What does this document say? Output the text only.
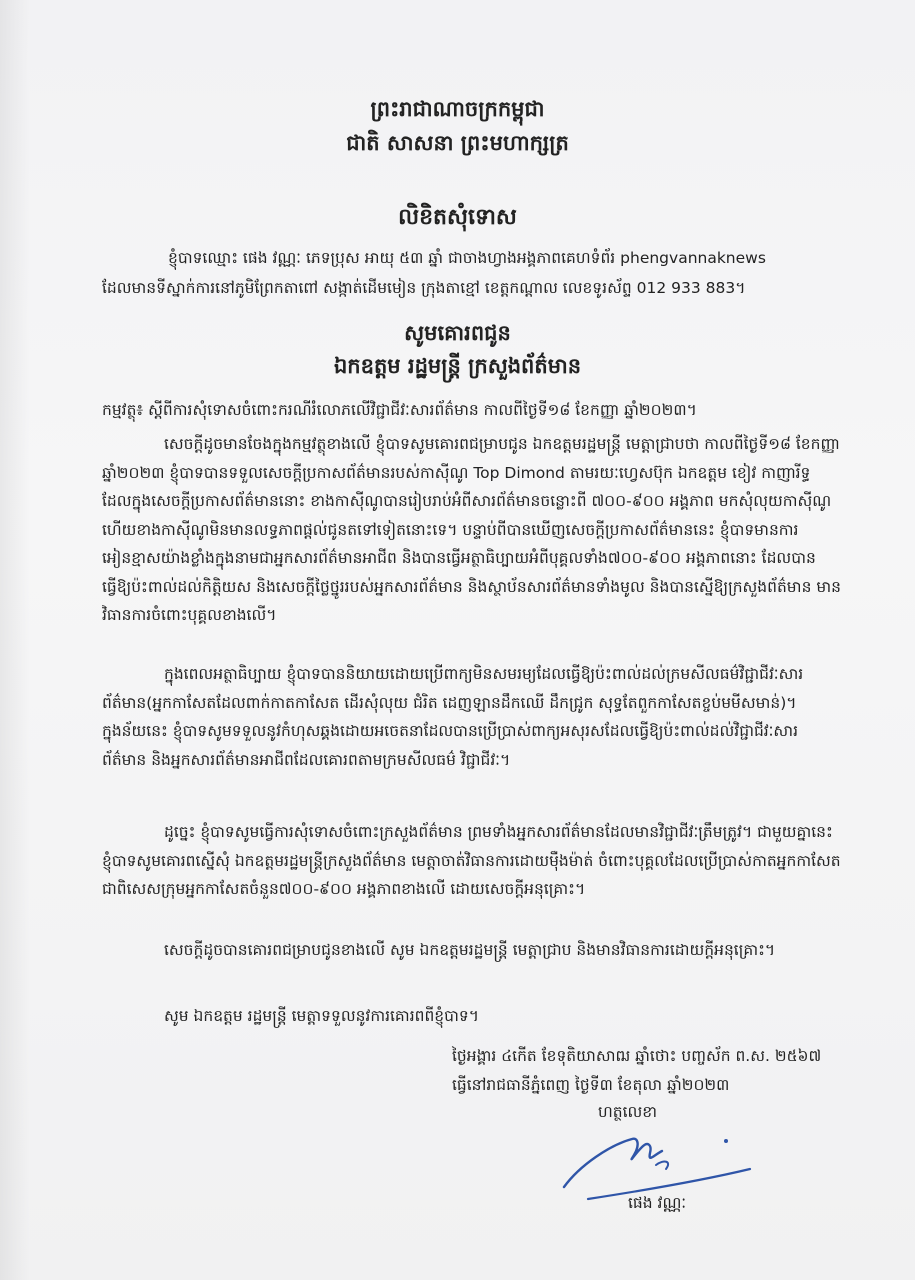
ព្រះរាជាណាចក្រកម្ពុជា
ជាតិ សាសនា ព្រះមហាក្សត្រ
លិខិតសុំទោស
ខ្ញុំបាទឈ្មោះ ផេង វណ្ណៈ ភេទប្រុស អាយុ ៥៣ ឆ្នាំ ជាចាងហ្វាងអង្គភាពគេហទំព័រ phengvannaknews
ដែលមានទីស្នាក់ការនៅភូមិព្រែកតាពៅ សង្កាត់ដើមមៀន ក្រុងតាខ្មៅ ខេត្តកណ្តាល លេខទូរស័ព្ទ 012 933 883។
សូមគោរពជូន
ឯកឧត្តម រដ្ឋមន្ត្រី ក្រសួងព័ត៌មាន
កម្មវត្ថុ៖ ស្តីពីការសុំទោសចំពោះករណីរំលោភលើវិជ្ជាជីវៈសារព័ត៌មាន កាលពីថ្ងៃទី១៨ ខែកញ្ញា ឆ្នាំ២០២៣។
សេចក្តីដូចមានចែងក្នុងកម្មវត្ថុខាងលើ ខ្ញុំបាទសូមគោរពជម្រាបជូន ឯកឧត្តមរដ្ឋមន្ត្រី មេត្តាជ្រាបថា កាលពីថ្ងៃទី១៨ ខែកញ្ញា ឆ្នាំ២០២៣ ខ្ញុំបាទបានទទួលសេចក្តីប្រកាសព័ត៌មានរបស់កាស៊ីណូ Top Dimond តាមរយៈហ្វេសប៊ុក ឯកឧត្តម ខៀវ កាញារីទ្ធ ដែលក្នុងសេចក្តីប្រកាសព័ត៌មាននោះ ខាងកាស៊ីណូបានរៀបរាប់អំពីសារព័ត៌មានចន្លោះពី ៧០០-៩០០ អង្គភាព មកសុំលុយកាស៊ីណូ ហើយខាងកាស៊ីណូមិនមានលទ្ធភាពផ្តល់ជូនតទៅទៀតនោះទេ។ បន្ទាប់ពីបានឃើញសេចក្តីប្រកាសព័ត៌មាននេះ ខ្ញុំបាទមានការអៀនខ្មាសយ៉ាងខ្លាំងក្នុងនាមជាអ្នកសារព័ត៌មានអាជីព និងបានធ្វើអត្ថាធិប្បាយអំពីបុគ្គលទាំង៧០០-៩០០ អង្គភាពនោះ ដែលបានធ្វើឱ្យប៉ះពាល់ដល់កិត្តិយស និងសេចក្តីថ្លៃថ្នូររបស់អ្នកសារព័ត៌មាន និងស្ថាប័នសារព័ត៌មានទាំងមូល និងបានស្នើឱ្យក្រសួងព័ត៌មាន មានវិធានការចំពោះបុគ្គលខាងលើ។
ក្នុងពេលអត្ថាធិប្បាយ ខ្ញុំបាទបាននិយាយដោយប្រើពាក្យមិនសមរម្យដែលធ្វើឱ្យប៉ះពាល់ដល់ក្រមសីលធម៌វិជ្ជាជីវៈសារព័ត៌មាន(អ្នកកាសែតដែលពាក់កាតកាសែត ដើរសុំលុយ ជំរិត ដេញឡានដឹកឈើ ដឹកជ្រូក សុទ្ធតែពួកកាសែតខ្ចប់មមីសមាន់)។ ក្នុងន័យនេះ ខ្ញុំបាទសូមទទួលនូវកំហុសឆ្គងដោយអចេតនាដែលបានប្រើប្រាស់ពាក្យអសុរសដែលធ្វើឱ្យប៉ះពាល់ដល់វិជ្ជាជីវៈសារព័ត៌មាន និងអ្នកសារព័ត៌មានអាជីពដែលគោរពតាមក្រមសីលធម៌ វិជ្ជាជីវៈ។
ដូច្នេះ ខ្ញុំបាទសូមធ្វើការសុំទោសចំពោះក្រសួងព័ត៌មាន ព្រមទាំងអ្នកសារព័ត៌មានដែលមានវិជ្ជាជីវៈត្រឹមត្រូវ។ ជាមួយគ្នានេះ ខ្ញុំបាទសូមគោរពស្នើសុំ ឯកឧត្តមរដ្ឋមន្ត្រីក្រសួងព័ត៌មាន មេត្តាចាត់វិធានការដោយម៉ឺងម៉ាត់ ចំពោះបុគ្គលដែលប្រើប្រាស់កាតអ្នកកាសែត ជាពិសេសក្រុមអ្នកកាសែតចំនួន៧០០-៩០០ អង្គភាពខាងលើ ដោយសេចក្តីអនុគ្រោះ។
សេចក្តីដូចបានគោរពជម្រាបជូនខាងលើ សូម ឯកឧត្តមរដ្ឋមន្ត្រី មេត្តាជ្រាប និងមានវិធានការដោយក្តីអនុគ្រោះ។
សូម ឯកឧត្តម រដ្ឋមន្ត្រី មេត្តាទទួលនូវការគោរពពីខ្ញុំបាទ។
ថ្ងៃអង្គារ ៤កើត ខែទុតិយាសាឍ ឆ្នាំថោះ បញ្ចស័ក ព.ស. ២៥៦៧
ធ្វើនៅរាជធានីភ្នំពេញ ថ្ងៃទី៣ ខែតុលា ឆ្នាំ២០២៣
ហត្ថលេខា
ផេង វណ្ណៈ
